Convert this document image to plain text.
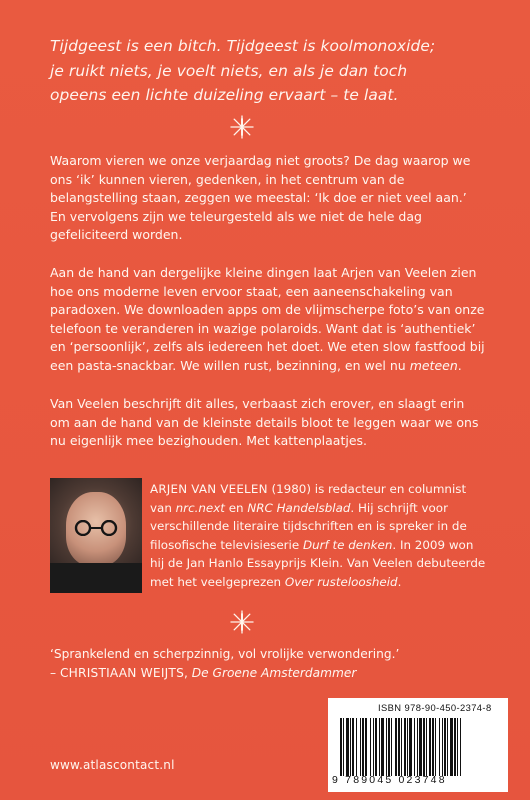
Tijdgeest is een bitch. Tijdgeest is koolmonoxide;
je ruikt niets, je voelt niets, en als je dan toch
opeens een lichte duizeling ervaart – te laat.
Waarom vieren we onze verjaardag niet groots? De dag waarop we ons ‘ik’ kunnen vieren, gedenken, in het centrum van de belangstelling staan, zeggen we meestal: ‘Ik doe er niet veel aan.’ En vervolgens zijn we teleurgesteld als we niet de hele dag gefeliciteerd worden.
Aan de hand van dergelijke kleine dingen laat Arjen van Veelen zien hoe ons moderne leven ervoor staat, een aaneenschakeling van paradoxen. We downloaden apps om de vlijmscherpe foto’s van onze telefoon te veranderen in wazige polaroids. Want dat is ‘authentiek’ en ‘persoonlijk’, zelfs als iedereen het doet. We eten slow fastfood bij een pasta-snackbar. We willen rust, bezinning, en wel nu meteen.
Van Veelen beschrijft dit alles, verbaast zich erover, en slaagt erin om aan de hand van de kleinste details bloot te leggen waar we ons nu eigenlijk mee bezighouden. Met kattenplaatjes.
ARJEN VAN VEELEN (1980) is redacteur en columnist van nrc.next en NRC Handelsblad. Hij schrijft voor verschillende literaire tijdschriften en is spreker in de filosofische televisieserie Durf te denken. In 2009 won hij de Jan Hanlo Essayprijs Klein. Van Veelen debuteerde met het veelgeprezen Over rusteloosheid.
‘Sprankelend en scherpzinnig, vol vrolijke verwondering.’
– CHRISTIAAN WEIJTS, De Groene Amsterdammer
www.atlascontact.nl
ISBN 978-90-450-2374-8
9 789045 023748
